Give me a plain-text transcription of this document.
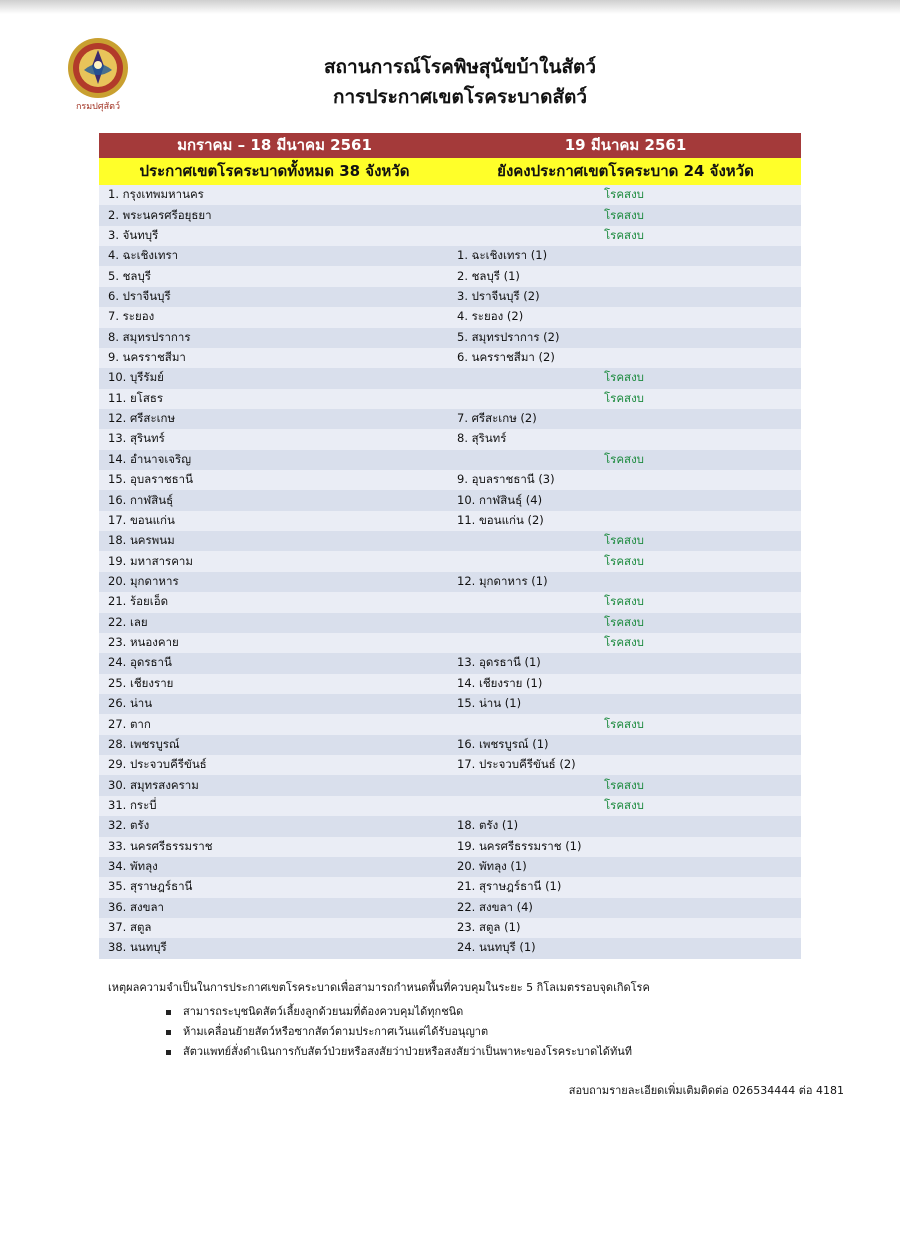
กรมปศุสัตว์
สถานการณ์โรคพิษสุนัขบ้าในสัตว์
การประกาศเขตโรคระบาดสัตว์
มกราคม – 18 มีนาคม 2561	19 มีนาคม 2561
ประกาศเขตโรคระบาดทั้งหมด 38 จังหวัด	ยังคงประกาศเขตโรคระบาด 24 จังหวัด
1. กรุงเทพมหานคร	โรคสงบ
2. พระนครศรีอยุธยา	โรคสงบ
3. จันทบุรี	โรคสงบ
4. ฉะเชิงเทรา	1. ฉะเชิงเทรา (1)
5. ชลบุรี	2. ชลบุรี (1)
6. ปราจีนบุรี	3. ปราจีนบุรี (2)
7. ระยอง	4. ระยอง (2)
8. สมุทรปราการ	5. สมุทรปราการ (2)
9. นครราชสีมา	6. นครราชสีมา (2)
10. บุรีรัมย์	โรคสงบ
11. ยโสธร	โรคสงบ
12. ศรีสะเกษ	7. ศรีสะเกษ (2)
13. สุรินทร์	8. สุรินทร์
14. อำนาจเจริญ	โรคสงบ
15. อุบลราชธานี	9. อุบลราชธานี (3)
16. กาฬสินธุ์	10. กาฬสินธุ์ (4)
17. ขอนแก่น	11. ขอนแก่น (2)
18. นครพนม	โรคสงบ
19. มหาสารคาม	โรคสงบ
20. มุกดาหาร	12. มุกดาหาร (1)
21. ร้อยเอ็ด	โรคสงบ
22. เลย	โรคสงบ
23. หนองคาย	โรคสงบ
24. อุดรธานี	13. อุดรธานี (1)
25. เชียงราย	14. เชียงราย (1)
26. น่าน	15. น่าน (1)
27. ตาก	โรคสงบ
28. เพชรบูรณ์	16. เพชรบูรณ์ (1)
29. ประจวบคีรีขันธ์	17. ประจวบคีรีขันธ์ (2)
30. สมุทรสงคราม	โรคสงบ
31. กระบี่	โรคสงบ
32. ตรัง	18. ตรัง (1)
33. นครศรีธรรมราช	19. นครศรีธรรมราช (1)
34. พัทลุง	20. พัทลุง (1)
35. สุราษฎร์ธานี	21. สุราษฎร์ธานี (1)
36. สงขลา	22. สงขลา (4)
37. สตูล	23. สตูล (1)
38. นนทบุรี	24. นนทบุรี (1)
เหตุผลความจำเป็นในการประกาศเขตโรคระบาดเพื่อสามารถกำหนดพื้นที่ควบคุมในระยะ 5 กิโลเมตรรอบจุดเกิดโรค
สามารถระบุชนิดสัตว์เลี้ยงลูกด้วยนมที่ต้องควบคุมได้ทุกชนิด
ห้ามเคลื่อนย้ายสัตว์หรือซากสัตว์ตามประกาศเว้นแต่ได้รับอนุญาต
สัตวแพทย์สั่งดำเนินการกับสัตว์ป่วยหรือสงสัยว่าป่วยหรือสงสัยว่าเป็นพาหะของโรคระบาดได้ทันที
สอบถามรายละเอียดเพิ่มเติมติดต่อ 026534444 ต่อ 4181
